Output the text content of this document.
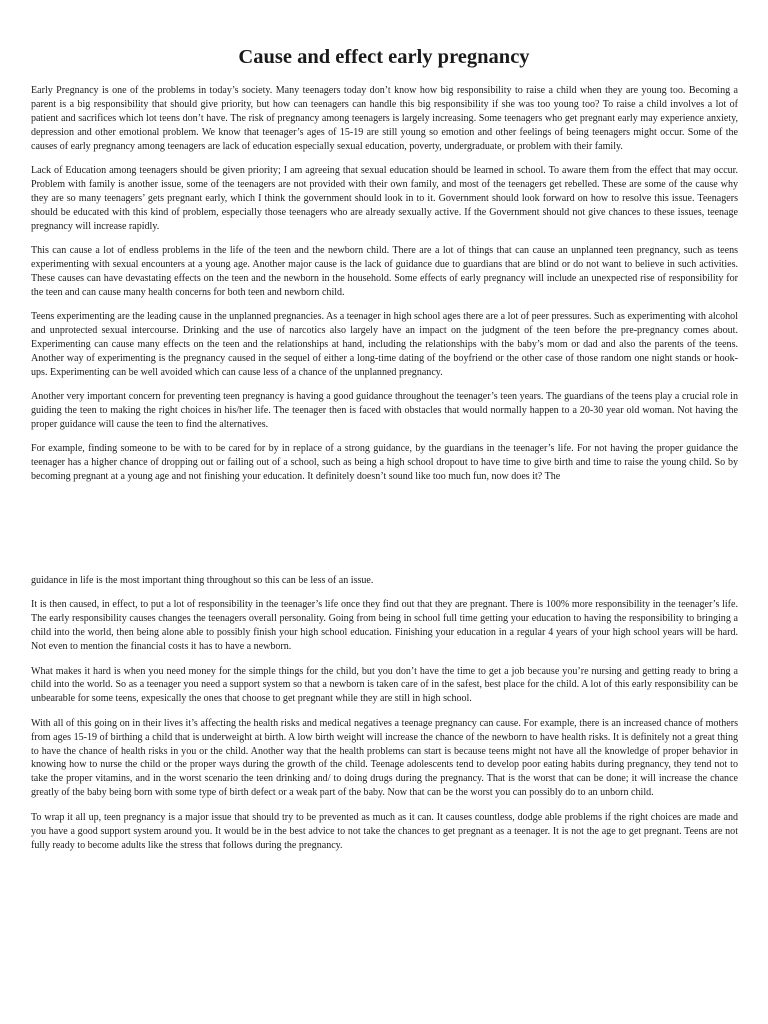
Cause and effect early pregnancy

Early Pregnancy is one of the problems in today’s society. Many teenagers today don’t know how big responsibility to raise a child when they are young too. Becoming a parent is a big responsibility that should give priority, but how can teenagers can handle this big responsibility if she was too young too? To raise a child involves a lot of patient and sacrifices which lot teens don’t have. The risk of pregnancy among teenagers is largely increasing. Some teenagers who get pregnant early may experience anxiety, depression and other emotional problem. We know that teenager’s ages of 15-19 are still young so emotion and other feelings of being teenagers might occur. Some of the causes of early pregnancy among teenagers are lack of education especially sexual education, poverty, undergraduate, or problem with their family.

Lack of Education among teenagers should be given priority; I am agreeing that sexual education should be learned in school. To aware them from the effect that may occur. Problem with family is another issue, some of the teenagers are not provided with their own family, and most of the teenagers get rebelled. These are some of the cause why they are so many teenagers’ gets pregnant early, which I think the government should look in to it. Government should look forward on how to resolve this issue. Teenagers should be educated with this kind of problem, especially those teenagers who are already sexually active. If the Government should not give chances to these issues, teenage pregnancy will increase rapidly.

This can cause a lot of endless problems in the life of the teen and the newborn child. There are a lot of things that can cause an unplanned teen pregnancy, such as teens experimenting with sexual encounters at a young age. Another major cause is the lack of guidance due to guardians that are blind or do not want to believe in such activities. These causes can have devastating effects on the teen and the newborn in the household. Some effects of early pregnancy will include an unexpected rise of responsibility for the teen and can cause many health concerns for both teen and newborn child.

Teens experimenting are the leading cause in the unplanned pregnancies. As a teenager in high school ages there are a lot of peer pressures. Such as experimenting with alcohol and unprotected sexual intercourse. Drinking and the use of narcotics also largely have an impact on the judgment of the teen before the pre-pregnancy comes about. Experimenting can cause many effects on the teen and the relationships at hand, including the relationships with the baby’s mom or dad and also the parents of the teens. Another way of experimenting is the pregnancy caused in the sequel of either a long-time dating of the boyfriend or the other case of those random one night stands or hook-ups. Experimenting can be well avoided which can cause less of a chance of the unplanned pregnancy.

Another very important concern for preventing teen pregnancy is having a good guidance throughout the teenager’s teen years. The guardians of the teens play a crucial role in guiding the teen to making the right choices in his/her life. The teenager then is faced with obstacles that would normally happen to a 20-30 year old woman. Not having the proper guidance will cause the teen to find the alternatives.

For example, finding someone to be with to be cared for by in replace of a strong guidance, by the guardians in the teenager’s life. For not having the proper guidance the teenager has a higher chance of dropping out or failing out of a school, such as being a high school dropout to have time to give birth and time to raise the young child. So by becoming pregnant at a young age and not finishing your education. It definitely doesn’t sound like too much fun, now does it? The

guidance in life is the most important thing throughout so this can be less of an issue.

It is then caused, in effect, to put a lot of responsibility in the teenager’s life once they find out that they are pregnant. There is 100% more responsibility in the teenager’s life. The early responsibility causes changes the teenagers overall personality. Going from being in school full time getting your education to having the responsibility to bringing a child into the world, then being alone able to possibly finish your high school education. Finishing your education in a regular 4 years of your high school years will be hard. Not even to mention the financial costs it has to have a newborn.

What makes it hard is when you need money for the simple things for the child, but you don’t have the time to get a job because you’re nursing and getting ready to bring a child into the world. So as a teenager you need a support system so that a newborn is taken care of in the safest, best place for the child. A lot of this early responsibility can be unbearable for some teens, expesically the ones that choose to get pregnant while they are still in high school.

With all of this going on in their lives it’s affecting the health risks and medical negatives a teenage pregnancy can cause. For example, there is an increased chance of mothers from ages 15-19 of birthing a child that is underweight at birth. A low birth weight will increase the chance of the newborn to have health risks. It is definitely not a great thing to have the chance of health risks in you or the child. Another way that the health problems can start is because teens might not have all the knowledge of proper behavior in knowing how to nurse the child or the proper ways during the growth of the child. Teenage adolescents tend to develop poor eating habits during pregnancy, they tend not to take the proper vitamins, and in the worst scenario the teen drinking and/ to doing drugs during the pregnancy. That is the worst that can be done; it will increase the chance greatly of the baby being born with some type of birth defect or a weak part of the baby. Now that can be the worst you can possibly do to an unborn child.

To wrap it all up, teen pregnancy is a major issue that should try to be prevented as much as it can. It causes countless, dodge able problems if the right choices are made and you have a good support system around you. It would be in the best advice to not take the chances to get pregnant as a teenager. It is not the age to get pregnant. Teens are not fully ready to become adults like the stress that follows during the pregnancy.
